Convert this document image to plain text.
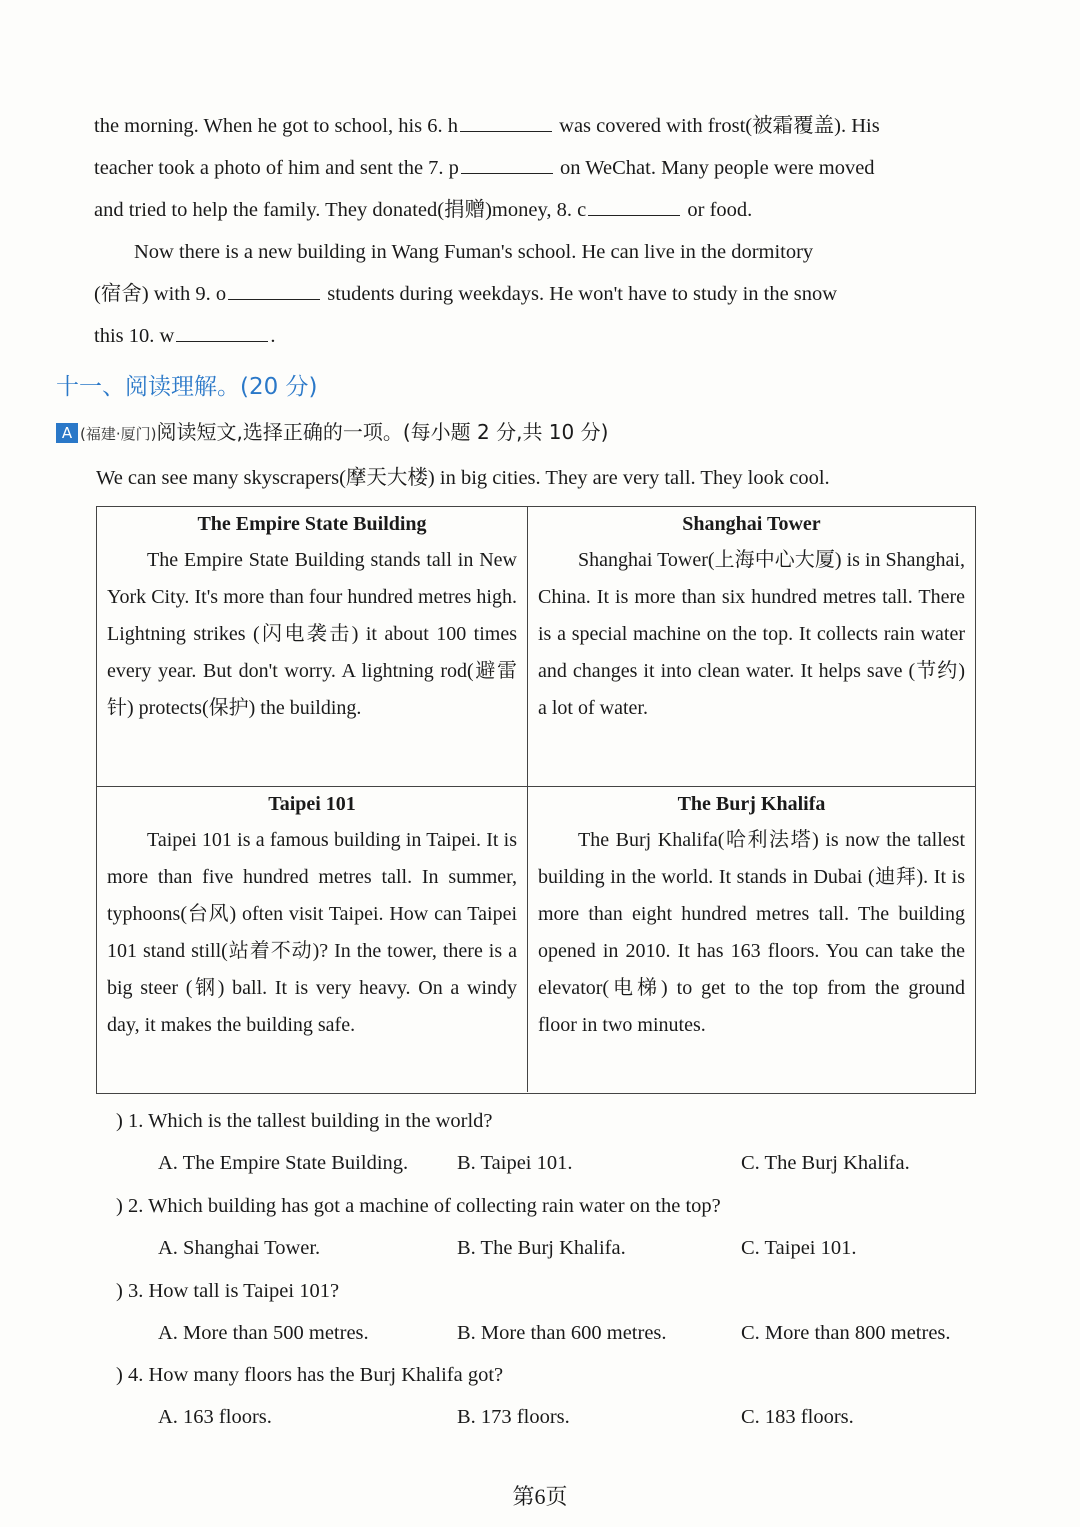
the morning. When he got to school, his 6. h	was covered with frost(被霜覆盖). His
teacher took a photo of him and sent the 7. p	on WeChat. Many people were moved
and tried to help the family. They donated(捐赠)money, 8. c	or food.
Now there is a new building in Wang Fuman's school. He can live in the dormitory
(宿舍) with 9. o	students during weekdays. He won't have to study in the snow
this 10. w	.
十一、阅读理解。(20 分)
A (福建·厦门)阅读短文,选择正确的一项。(每小题 2 分,共 10 分)
We can see many skyscrapers(摩天大楼) in big cities. They are very tall. They look cool.
The Empire State Building

The Empire State Building stands tall in New York City. It's more than four hundred metres high. Lightning strikes (闪电袭击) it about 100 times every year. But don't worry. A lightning rod(避雷针) protects(保护) the building.

Shanghai Tower

Shanghai Tower(上海中心大厦) is in Shanghai, China. It is more than six hundred metres tall. There is a special machine on the top. It collects rain water and changes it into clean water. It helps save (节约) a lot of water.

Taipei 101

Taipei 101 is a famous building in Taipei. It is more than five hundred metres tall. In summer, typhoons(台风) often visit Taipei. How can Taipei 101 stand still(站着不动)? In the tower, there is a big steer (钢) ball. It is very heavy. On a windy day, it makes the building safe.

The Burj Khalifa

The Burj Khalifa(哈利法塔) is now the tallest building in the world. It stands in Dubai (迪拜). It is more than eight hundred metres tall. The building opened in 2010. It has 163 floors. You can take the elevator(电梯) to get to the top from the ground floor in two minutes.

) 1. Which is the tallest building in the world?
A. The Empire State Building. B. Taipei 101.	C. The Burj Khalifa.
) 2. Which building has got a machine of collecting rain water on the top?
A. Shanghai Tower.	B. The Burj Khalifa.	C. Taipei 101.
) 3. How tall is Taipei 101?
A. More than 500 metres.	B. More than 600 metres.	C. More than 800 metres.
) 4. How many floors has the Burj Khalifa got?
A. 163 floors.	B. 173 floors.	C. 183 floors.
第6页
